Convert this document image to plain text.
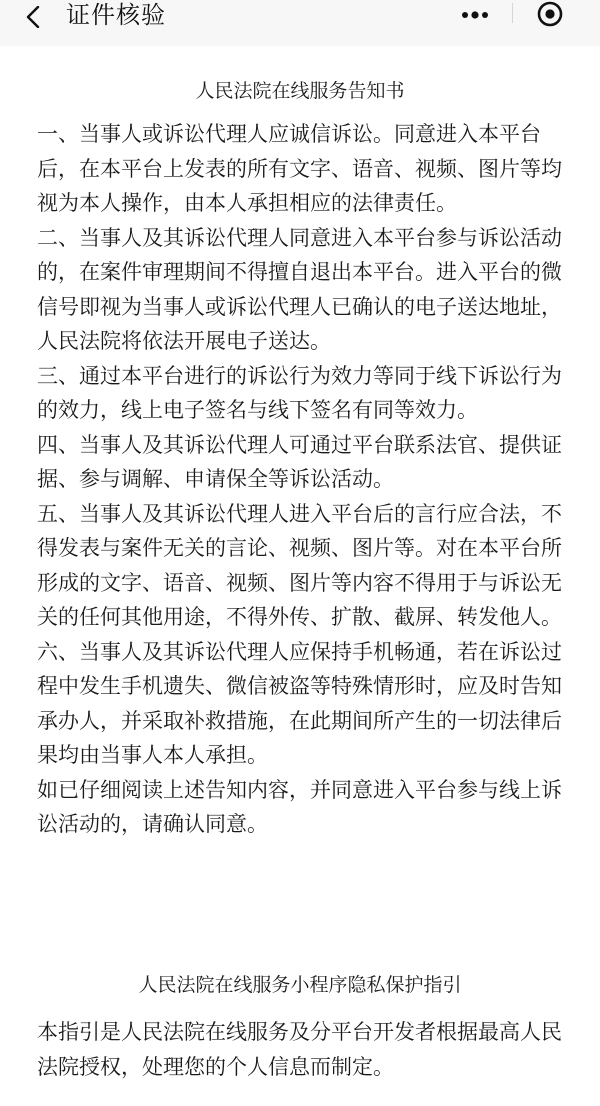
证件核验
人民法院在线服务告知书

一、当事人或诉讼代理人应诚信诉讼。同意进入本平台后，在本平台上发表的所有文字、语音、视频、图片等均视为本人操作，由本人承担相应的法律责任。

二、当事人及其诉讼代理人同意进入本平台参与诉讼活动的，在案件审理期间不得擅自退出本平台。进入平台的微信号即视为当事人或诉讼代理人已确认的电子送达地址，人民法院将依法开展电子送达。

三、通过本平台进行的诉讼行为效力等同于线下诉讼行为的效力，线上电子签名与线下签名有同等效力。

四、当事人及其诉讼代理人可通过平台联系法官、提供证据、参与调解、申请保全等诉讼活动。

五、当事人及其诉讼代理人进入平台后的言行应合法，不得发表与案件无关的言论、视频、图片等。对在本平台所形成的文字、语音、视频、图片等内容不得用于与诉讼无关的任何其他用途，不得外传、扩散、截屏、转发他人。

六、当事人及其诉讼代理人应保持手机畅通，若在诉讼过程中发生手机遗失、微信被盗等特殊情形时，应及时告知承办人，并采取补救措施，在此期间所产生的一切法律后果均由当事人本人承担。

如已仔细阅读上述告知内容，并同意进入平台参与线上诉讼活动的，请确认同意。

人民法院在线服务小程序隐私保护指引

本指引是人民法院在线服务及分平台开发者根据最高人民法院授权，处理您的个人信息而制定。
